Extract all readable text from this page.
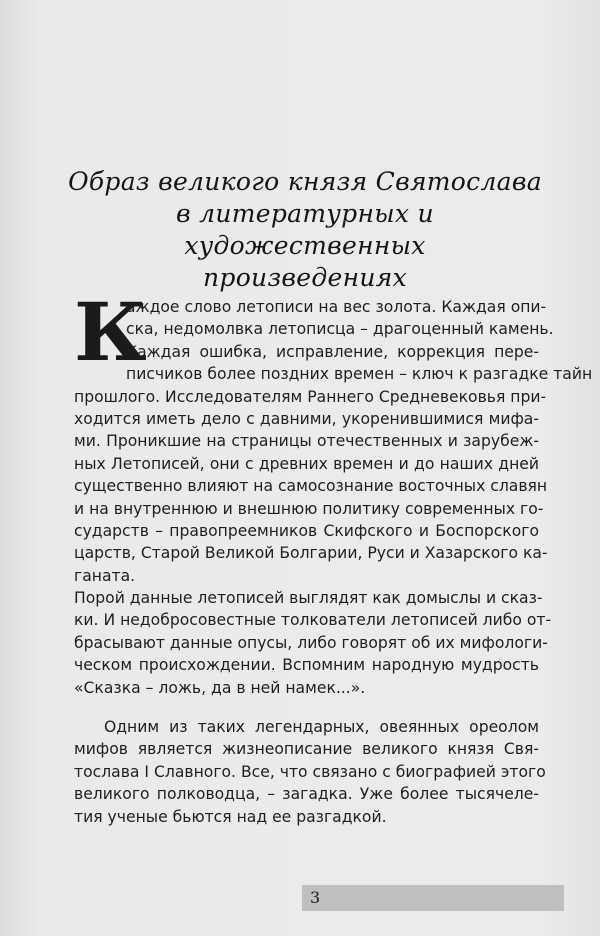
Образ великого князя Святослава
в литературных и художественных
произведениях
К
аждое слово летописи на вес золота. Каждая опи-
ска, недомолвка летописца – драгоценный камень.
Каждая ошибка, исправление, коррекция пере-
писчиков более поздних времен – ключ к разгадке тайн
прошлого. Исследователям Раннего Средневековья при-
ходится иметь дело с давними, укоренившимися мифа-
ми. Проникшие на страницы отечественных и зарубеж-
ных Летописей, они с древних времен и до наших дней
существенно влияют на самосознание восточных славян
и на внутреннюю и внешнюю политику современных го-
сударств – правопреемников Скифского и Боспорского
царств, Старой Великой Болгарии, Руси и Хазарского ка-
ганата.
Порой данные летописей выглядят как домыслы и сказ-
ки. И недобросовестные толкователи летописей либо от-
брасывают данные опусы, либо говорят об их мифологи-
ческом происхождении. Вспомним народную мудрость
«Сказка – ложь, да в ней намек...».
Одним из таких легендарных, овеянных ореолом
мифов является жизнеописание великого князя Свя-
тослава I Славного. Все, что связано с биографией этого
великого полководца, – загадка. Уже более тысячеле-
тия ученые бьются над ее разгадкой.
3
